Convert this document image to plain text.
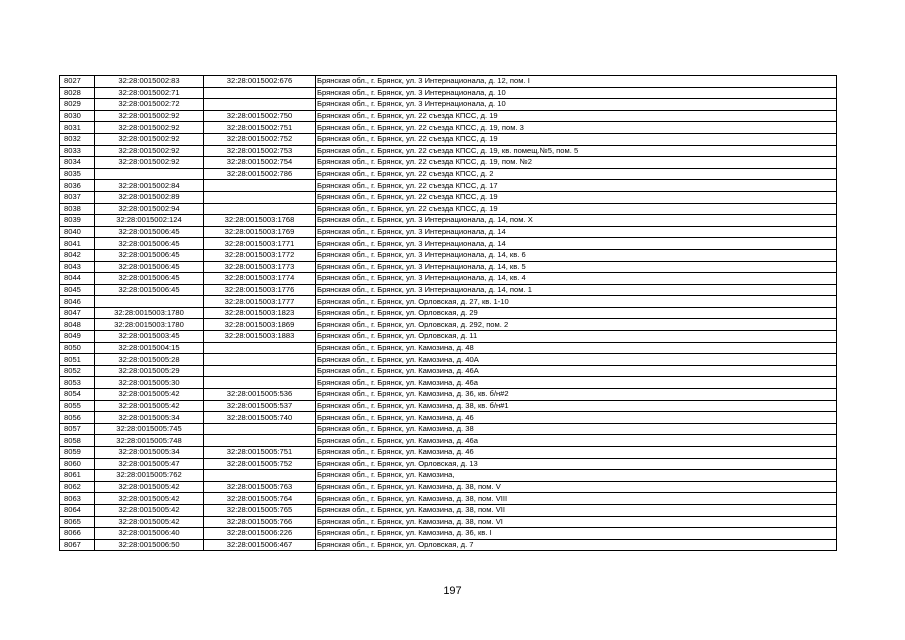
8027	32:28:0015002:83	32:28:0015002:676	Брянская обл., г. Брянск, ул. 3 Интернационала, д. 12, пом. I
8028	32:28:0015002:71		Брянская обл., г. Брянск, ул. 3 Интернационала, д. 10
8029	32:28:0015002:72		Брянская обл., г. Брянск, ул. 3 Интернационала, д. 10
8030	32:28:0015002:92	32:28:0015002:750	Брянская обл., г. Брянск, ул. 22 съезда КПСС, д. 19
8031	32:28:0015002:92	32:28:0015002:751	Брянская обл., г. Брянск, ул. 22 съезда КПСС, д. 19, пом. 3
8032	32:28:0015002:92	32:28:0015002:752	Брянская обл., г. Брянск, ул. 22 съезда КПСС, д. 19
8033	32:28:0015002:92	32:28:0015002:753	Брянская обл., г. Брянск, ул. 22 съезда КПСС, д. 19, кв. помещ.№5, пом. 5
8034	32:28:0015002:92	32:28:0015002:754	Брянская обл., г. Брянск, ул. 22 съезда КПСС, д. 19, пом. №2
8035		32:28:0015002:786	Брянская обл., г. Брянск, ул. 22 съезда КПСС, д. 2
8036	32:28:0015002:84		Брянская обл., г. Брянск, ул. 22 съезда КПСС, д. 17
8037	32:28:0015002:89		Брянская обл., г. Брянск, ул. 22 съезда КПСС, д. 19
8038	32:28:0015002:94		Брянская обл., г. Брянск, ул. 22 съезда КПСС, д. 19
8039	32:28:0015002:124	32:28:0015003:1768	Брянская обл., г. Брянск, ул. 3 Интернационала, д. 14, пом. X
8040	32:28:0015006:45	32:28:0015003:1769	Брянская обл., г. Брянск, ул. 3 Интернационала, д. 14
8041	32:28:0015006:45	32:28:0015003:1771	Брянская обл., г. Брянск, ул. 3 Интернационала, д. 14
8042	32:28:0015006:45	32:28:0015003:1772	Брянская обл., г. Брянск, ул. 3 Интернационала, д. 14, кв. 6
8043	32:28:0015006:45	32:28:0015003:1773	Брянская обл., г. Брянск, ул. 3 Интернационала, д. 14, кв. 5
8044	32:28:0015006:45	32:28:0015003:1774	Брянская обл., г. Брянск, ул. 3 Интернационала, д. 14, кв. 4
8045	32:28:0015006:45	32:28:0015003:1776	Брянская обл., г. Брянск, ул. 3 Интернационала, д. 14, пом. 1
8046		32:28:0015003:1777	Брянская обл., г. Брянск, ул. Орловская, д. 27, кв. 1-10
8047	32:28:0015003:1780	32:28:0015003:1823	Брянская обл., г. Брянск, ул. Орловская, д. 29
8048	32:28:0015003:1780	32:28:0015003:1869	Брянская обл., г. Брянск, ул. Орловская, д. 292, пом. 2
8049	32:28:0015003:45	32:28:0015003:1883	Брянская обл., г. Брянск, ул. Орловская, д. 11
8050	32:28:0015004:15		Брянская обл., г. Брянск, ул. Камозина, д. 48
8051	32:28:0015005:28		Брянская обл., г. Брянск, ул. Камозина, д. 40А
8052	32:28:0015005:29		Брянская обл., г. Брянск, ул. Камозина, д. 46А
8053	32:28:0015005:30		Брянская обл., г. Брянск, ул. Камозина, д. 46а
8054	32:28:0015005:42	32:28:0015005:536	Брянская обл., г. Брянск, ул. Камозина, д. 36, кв. б/н#2
8055	32:28:0015005:42	32:28:0015005:537	Брянская обл., г. Брянск, ул. Камозина, д. 38, кв. б/н#1
8056	32:28:0015005:34	32:28:0015005:740	Брянская обл., г. Брянск, ул. Камозина, д. 46
8057	32:28:0015005:745		Брянская обл., г. Брянск, ул. Камозина, д. 38
8058	32:28:0015005:748		Брянская обл., г. Брянск, ул. Камозина, д. 46а
8059	32:28:0015005:34	32:28:0015005:751	Брянская обл., г. Брянск, ул. Камозина, д. 46
8060	32:28:0015005:47	32:28:0015005:752	Брянская обл., г. Брянск, ул. Орловская, д. 13
8061	32:28:0015005:762		Брянская обл., г. Брянск, ул. Камозина,
8062	32:28:0015005:42	32:28:0015005:763	Брянская обл., г. Брянск, ул. Камозина, д. 38, пом. V
8063	32:28:0015005:42	32:28:0015005:764	Брянская обл., г. Брянск, ул. Камозина, д. 38, пом. VIII
8064	32:28:0015005:42	32:28:0015005:765	Брянская обл., г. Брянск, ул. Камозина, д. 38, пом. VII
8065	32:28:0015005:42	32:28:0015005:766	Брянская обл., г. Брянск, ул. Камозина, д. 38, пом. VI
8066	32:28:0015006:40	32:28:0015006:226	Брянская обл., г. Брянск, ул. Камозина, д. 36, кв. I
8067	32:28:0015006:50	32:28:0015006:467	Брянская обл., г. Брянск, ул. Орловская, д. 7
197
